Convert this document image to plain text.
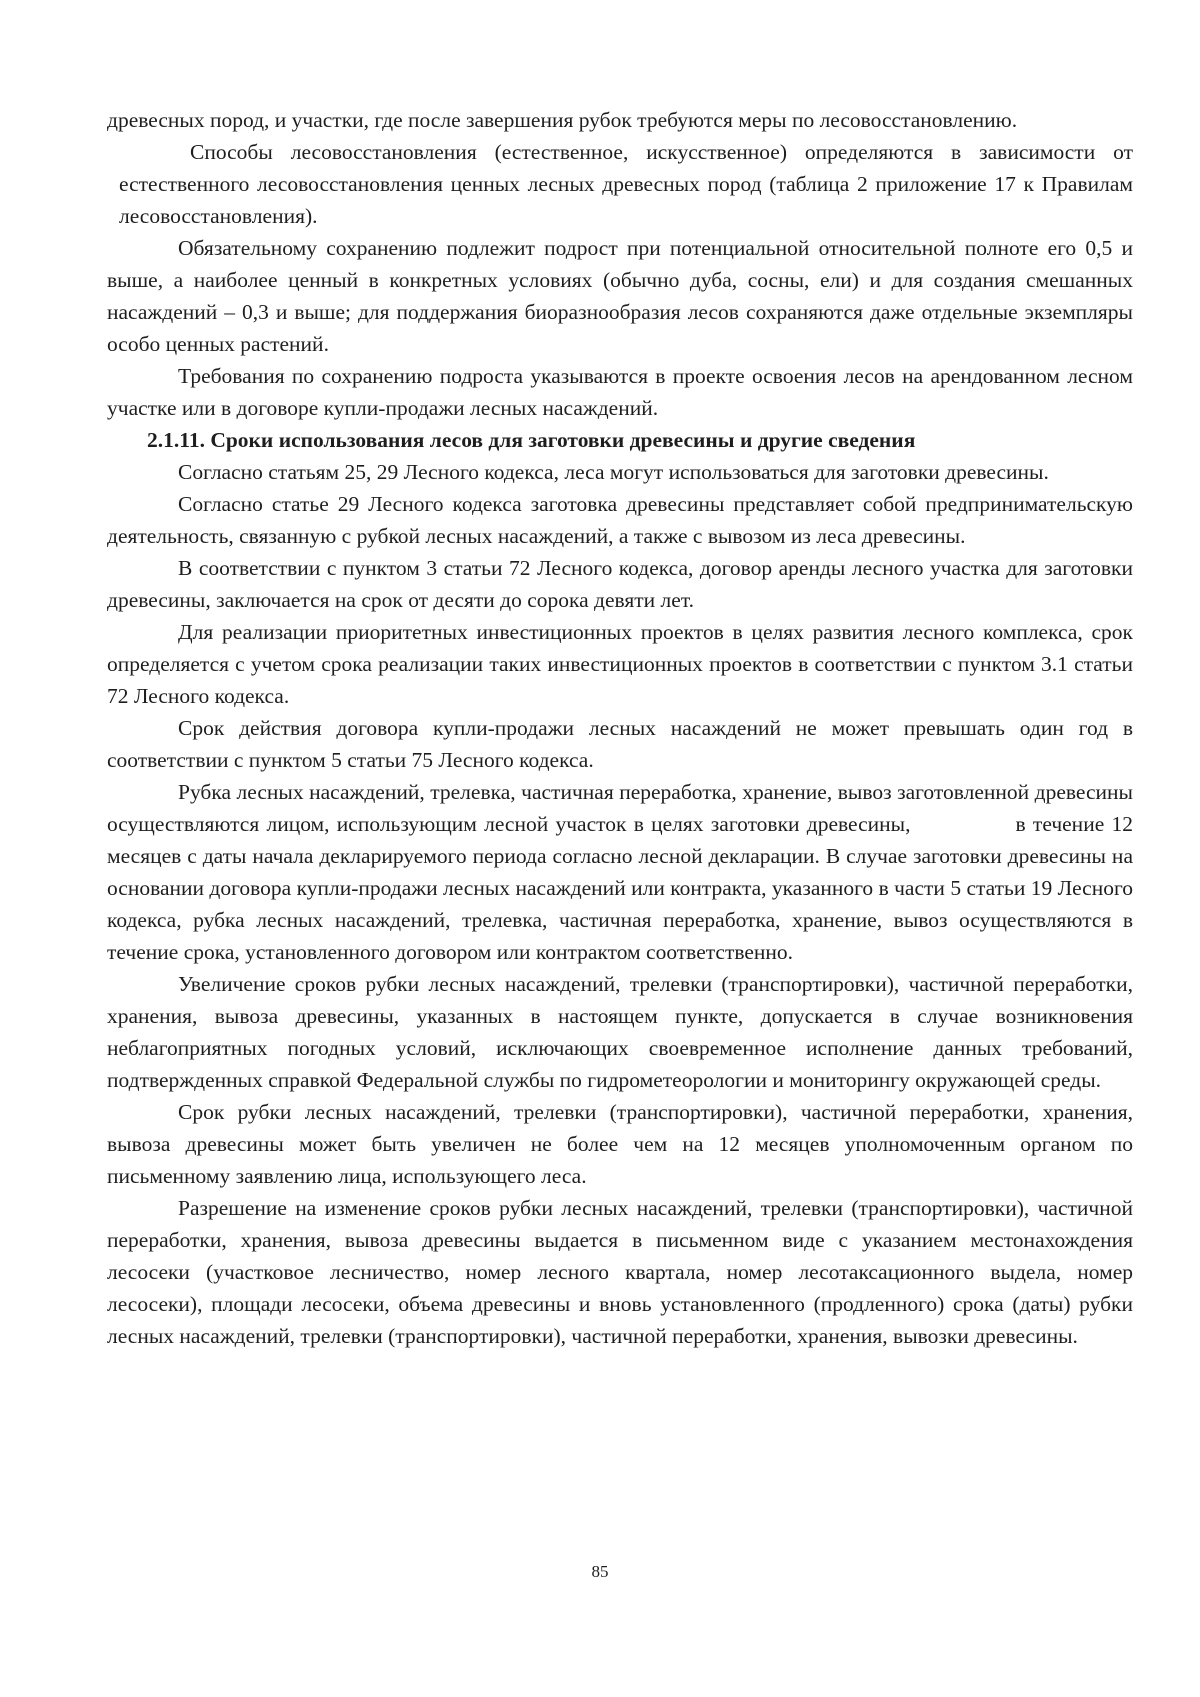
древесных пород, и участки, где после завершения рубок требуются меры по лесовосстановлению.

Способы лесовосстановления (естественное, искусственное) определяются в зависимости от естественного лесовосстановления ценных лесных древесных пород (таблица 2 приложение 17 к Правилам лесовосстановления).

Обязательному сохранению подлежит подрост при потенциальной относительной полноте его 0,5 и выше, а наиболее ценный в конкретных условиях (обычно дуба, сосны, ели) и для создания смешанных насаждений – 0,3 и выше; для поддержания биоразнообразия лесов сохраняются даже отдельные экземпляры особо ценных растений.

Требования по сохранению подроста указываются в проекте освоения лесов на арендованном лесном участке или в договоре купли-продажи лесных насаждений.

2.1.11. Сроки использования лесов для заготовки древесины и другие сведения

Согласно статьям 25, 29 Лесного кодекса, леса могут использоваться для заготовки древесины.

Согласно статье 29 Лесного кодекса заготовка древесины представляет собой предпринимательскую деятельность, связанную с рубкой лесных насаждений, а также с вывозом из леса древесины.

В соответствии с пунктом 3 статьи 72 Лесного кодекса, договор аренды лесного участка для заготовки древесины, заключается на срок от десяти до сорока девяти лет.

Для реализации приоритетных инвестиционных проектов в целях развития лесного комплекса, срок определяется с учетом срока реализации таких инвестиционных проектов в соответствии с пунктом 3.1 статьи 72 Лесного кодекса.

Срок действия договора купли-продажи лесных насаждений не может превышать один год в соответствии с пунктом 5 статьи 75 Лесного кодекса.

Рубка лесных насаждений, трелевка, частичная переработка, хранение, вывоз заготовленной древесины осуществляются лицом, использующим лесной участок в целях заготовки древесины,	в течение 12 месяцев с даты начала декларируемого периода согласно лесной декларации. В случае заготовки древесины на основании договора купли-продажи лесных насаждений или контракта, указанного в части 5 статьи 19 Лесного кодекса, рубка лесных насаждений, трелевка, частичная переработка, хранение, вывоз осуществляются в течение срока, установленного договором или контрактом соответственно.

Увеличение сроков рубки лесных насаждений, трелевки (транспортировки), частичной переработки, хранения, вывоза древесины, указанных в настоящем пункте, допускается в случае возникновения неблагоприятных погодных условий, исключающих своевременное исполнение данных требований, подтвержденных справкой Федеральной службы по гидрометеорологии и мониторингу окружающей среды.

Срок рубки лесных насаждений, трелевки (транспортировки), частичной переработки, хранения, вывоза древесины может быть увеличен не более чем на 12 месяцев уполномоченным органом по письменному заявлению лица, использующего леса.

Разрешение на изменение сроков рубки лесных насаждений, трелевки (транспортировки), частичной переработки, хранения, вывоза древесины выдается в письменном виде с указанием местонахождения лесосеки (участковое лесничество, номер лесного квартала, номер лесотаксационного выдела, номер лесосеки), площади лесосеки, объема древесины и вновь установленного (продленного) срока (даты) рубки лесных насаждений, трелевки (транспортировки), частичной переработки, хранения, вывозки древесины.

85
